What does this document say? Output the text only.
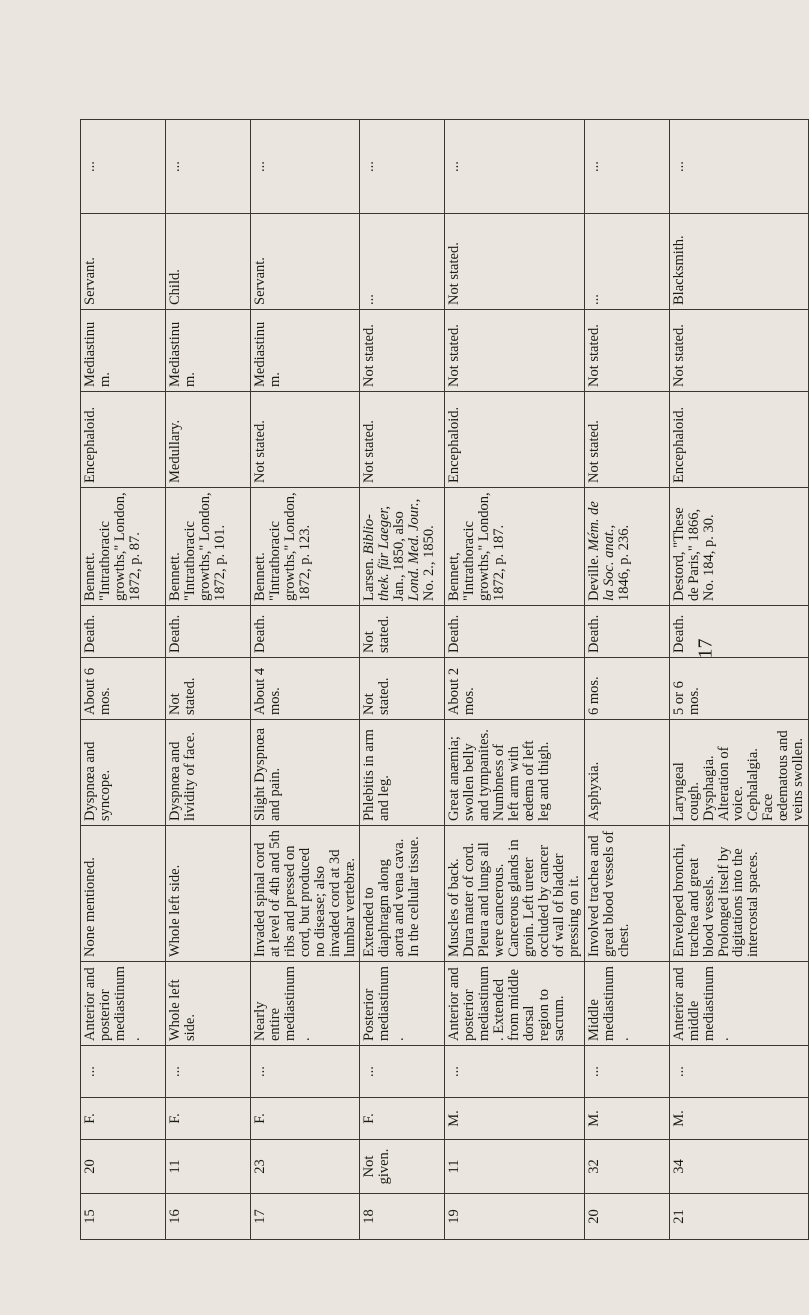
15	20	F.	...	Anterior and posterior mediastinum.	None mentioned.	Dyspnœa and syncope.	About 6 mos.	Death.	Bennett. "Intrathoracic growths," London, 1872, p. 87.	Encephaloid.	Mediastinum.	Servant.	...
16	11	F.	...	Whole left side.	Whole left side.	Dyspnœa and lividity of face.	Not stated.	Death.	Bennett. "Intrathoracic growths," London, 1872, p. 101.	Medullary.	Mediastinum.	Child.	...
17	23	F.	...	Nearly entire mediastinum.	Invaded spinal cord at level of 4th and 5th ribs and pressed on cord, but produced no disease; also invaded cord at 3d lumbar vertebræ.	Slight Dyspnœa and pain.	About 4 mos.	Death.	Bennett. "Intrathoracic growths," London, 1872, p. 123.	Not stated.	Mediastinum.	Servant.	...
18	Not given.	F.	...	Posterior mediastinum.	Extended to diaphragm along aorta and vena cava. In the cellular tissue.	Phlebitis in arm and leg.	Not stated.	Not stated.	Larsen. Biblio-thek. für Laeger, Jan., 1850, also Lond. Med. Jour., No. 2., 1850.	Not stated.	Not stated.	...	...
19	11	M.	...	Anterior and posterior mediastinum. Extended from middle dorsal region to sacrum.	Muscles of back. Dura mater of cord. Pleura and lungs all were cancerous. Cancerous glands in groin. Left ureter occluded by cancer of wall of bladder pressing on it.	Great anæmia; swollen belly and tympanites. Numbness of left arm with œdema of left leg and thigh.	About 2 mos.	Death.	Bennett, "Intrathoracic growths," London, 1872, p. 187.	Encephaloid.	Not stated.	Not stated.	...
20	32	M.	...	Middle mediastinum.	Involved trachea and great blood vessels of chest.	Asphyxia.	6 mos.	Death.	Deville. Mém. de la Soc. anat., 1846, p. 236.	Not stated.	Not stated.	...	...
21	34	M.	...	Anterior and middle mediastinum.	Enveloped bronchi, trachea and great blood vessels. Prolonged itself by digitations into the intercostal spaces.	Laryngeal cough. Dysphagia. Alteration of voice. Cephalalgia. Face œdematous and veins swollen.	5 or 6 mos.	Death.	Destord, "These de Paris," 1866, No. 184, p. 30.	Encephaloid.	Not stated.	Blacksmith.	...
17
